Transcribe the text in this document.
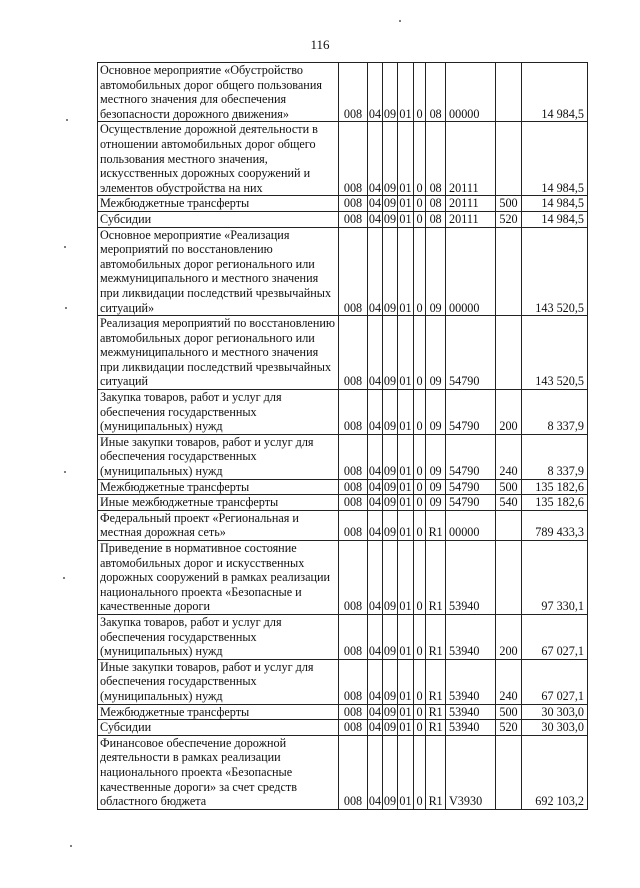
116
Основное мероприятие «Обустройство автомобильных дорог общего пользования местного значения для обеспечения безопасности дорожного движения»	008	04	09	01	0	08	00000		14 984,5
Осуществление дорожной деятельности в отношении автомобильных дорог общего пользования местного значения, искусственных дорожных сооружений и элементов обустройства на них	008	04	09	01	0	08	20111		14 984,5
Межбюджетные трансферты	008	04	09	01	0	08	20111	500	14 984,5
Субсидии	008	04	09	01	0	08	20111	520	14 984,5
Основное мероприятие «Реализация мероприятий по восстановлению автомобильных дорог регионального или межмуниципального и местного значения при ликвидации последствий чрезвычайных ситуаций»	008	04	09	01	0	09	00000		143 520,5
Реализация мероприятий по восстановлению автомобильных дорог регионального или межмуниципального и местного значения при ликвидации последствий чрезвычайных ситуаций	008	04	09	01	0	09	54790		143 520,5
Закупка товаров, работ и услуг для обеспечения государственных (муниципальных) нужд	008	04	09	01	0	09	54790	200	8 337,9
Иные закупки товаров, работ и услуг для обеспечения государственных (муниципальных) нужд	008	04	09	01	0	09	54790	240	8 337,9
Межбюджетные трансферты	008	04	09	01	0	09	54790	500	135 182,6
Иные межбюджетные трансферты	008	04	09	01	0	09	54790	540	135 182,6
Федеральный проект «Региональная и местная дорожная сеть»	008	04	09	01	0	R1	00000		789 433,3
Приведение в нормативное состояние автомобильных дорог и искусственных дорожных сооружений в рамках реализации национального проекта «Безопасные и качественные дороги	008	04	09	01	0	R1	53940		97 330,1
Закупка товаров, работ и услуг для обеспечения государственных (муниципальных) нужд	008	04	09	01	0	R1	53940	200	67 027,1
Иные закупки товаров, работ и услуг для обеспечения государственных (муниципальных) нужд	008	04	09	01	0	R1	53940	240	67 027,1
Межбюджетные трансферты	008	04	09	01	0	R1	53940	500	30 303,0
Субсидии	008	04	09	01	0	R1	53940	520	30 303,0
Финансовое обеспечение дорожной деятельности в рамках реализации национального проекта «Безопасные качественные дороги» за счет средств областного бюджета	008	04	09	01	0	R1	V3930		692 103,2
